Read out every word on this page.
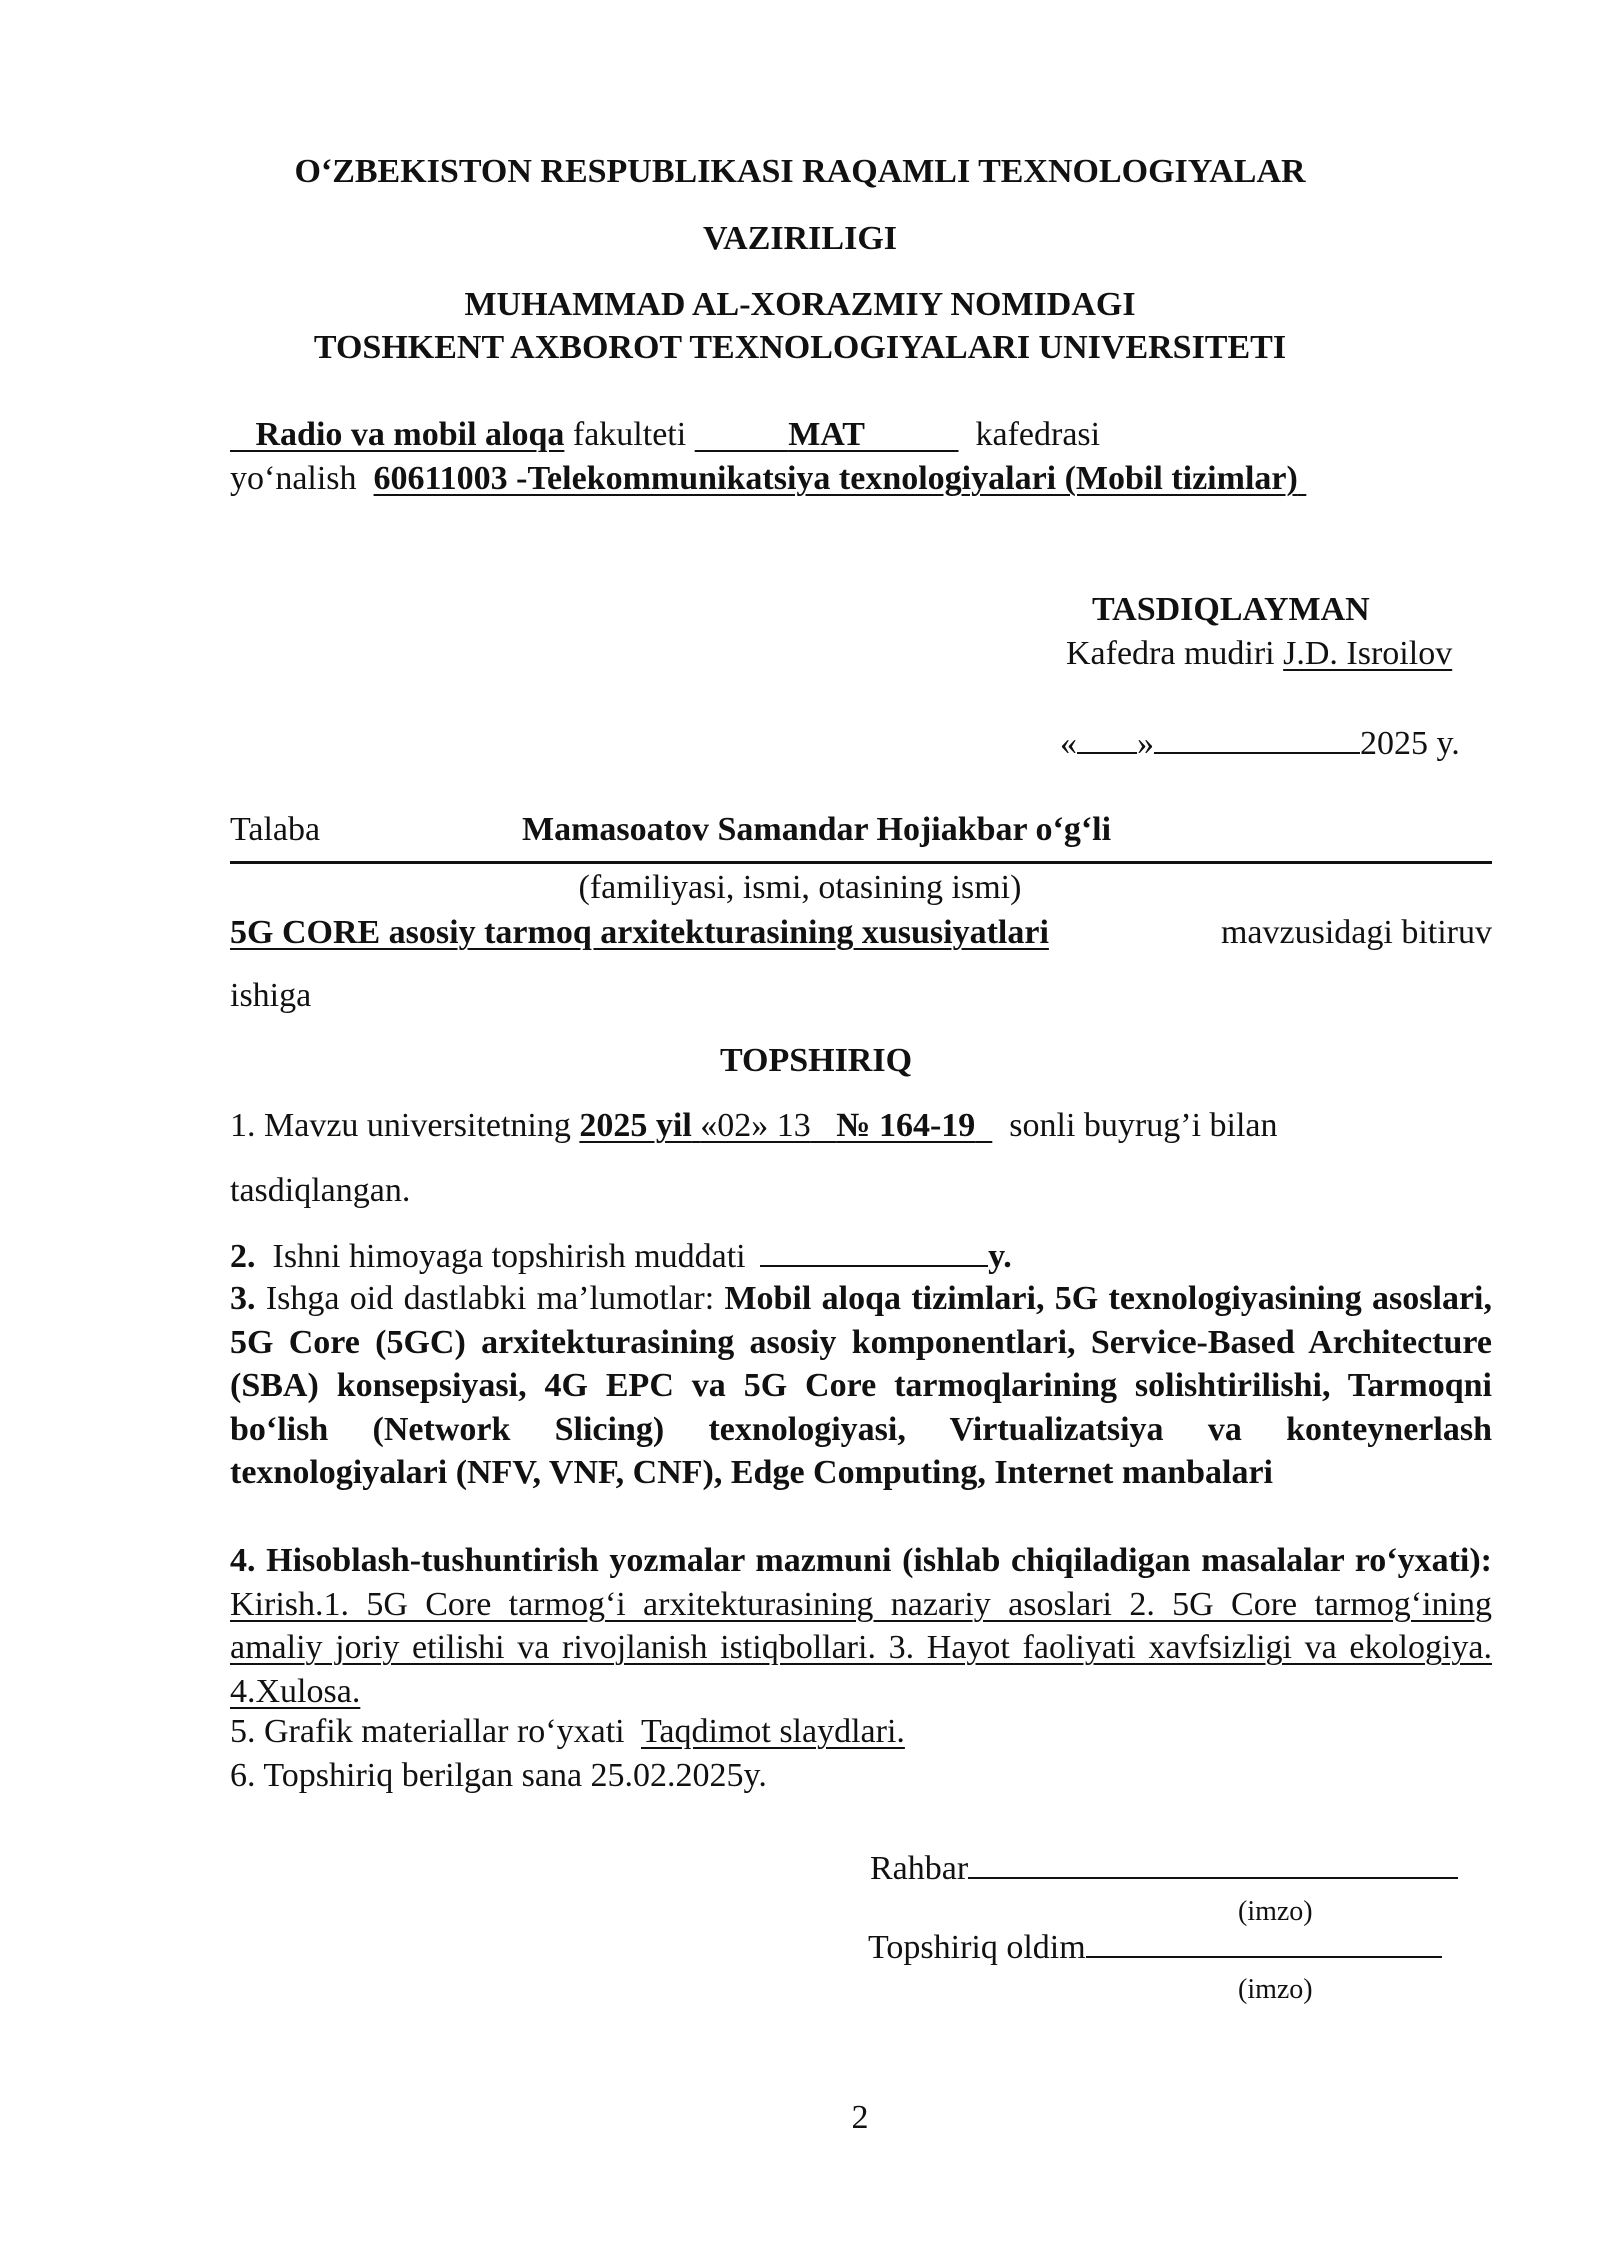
O‘ZBEKISTON RESPUBLIKASI RAQAMLI TEXNOLOGIYALAR
VAZIRILIGI
MUHAMMAD AL-XORAZMIY NOMIDAGI
TOSHKENT AXBOROT TEXNOLOGIYALARI UNIVERSITETI
Radio va mobil aloqa fakulteti	MAT	kafedrasi
yo‘nalish 60611003 -Telekommunikatsiya texnologiyalari (Mobil tizimlar)
TASDIQLAYMAN
Kafedra mudiri J.D. Isroilov
« »	2025 y.
Talaba	Mamasoatov Samandar Hojiakbar o‘g‘li
(familiyasi, ismi, otasining ismi)
5G CORE asosiy tarmoq arxitekturasining xususiyatlari	mavzusidagi bitiruv
ishiga
TOPSHIRIQ
1. Mavzu universitetning 2025 yil «02» 13 № 164-19 sonli buyrug’i bilan
tasdiqlangan.
2. Ishni himoyaga topshirish muddati	y.
3. Ishga oid dastlabki ma’lumotlar: Mobil aloqa tizimlari, 5G texnologiyasining asoslari, 5G Core (5GC) arxitekturasining asosiy komponentlari, Service-Based Architecture (SBA) konsepsiyasi, 4G EPC va 5G Core tarmoqlarining solishtirilishi, Tarmoqni bo‘lish (Network Slicing) texnologiyasi, Virtualizatsiya va konteynerlash texnologiyalari (NFV, VNF, CNF), Edge Computing, Internet manbalari
4. Hisoblash-tushuntirish yozmalar mazmuni (ishlab chiqiladigan masalalar ro‘yxati): Kirish.1. 5G Core tarmog‘i arxitekturasining nazariy asoslari 2. 5G Core tarmog‘ining amaliy joriy etilishi va rivojlanish istiqbollari. 3. Hayot faoliyati xavfsizligi va ekologiya. 4.Xulosa.
5. Grafik materiallar ro‘yxati Taqdimot slaydlari.
6. Topshiriq berilgan sana 25.02.2025y.
Rahbar
(imzo)
Topshiriq oldim
(imzo)
2
